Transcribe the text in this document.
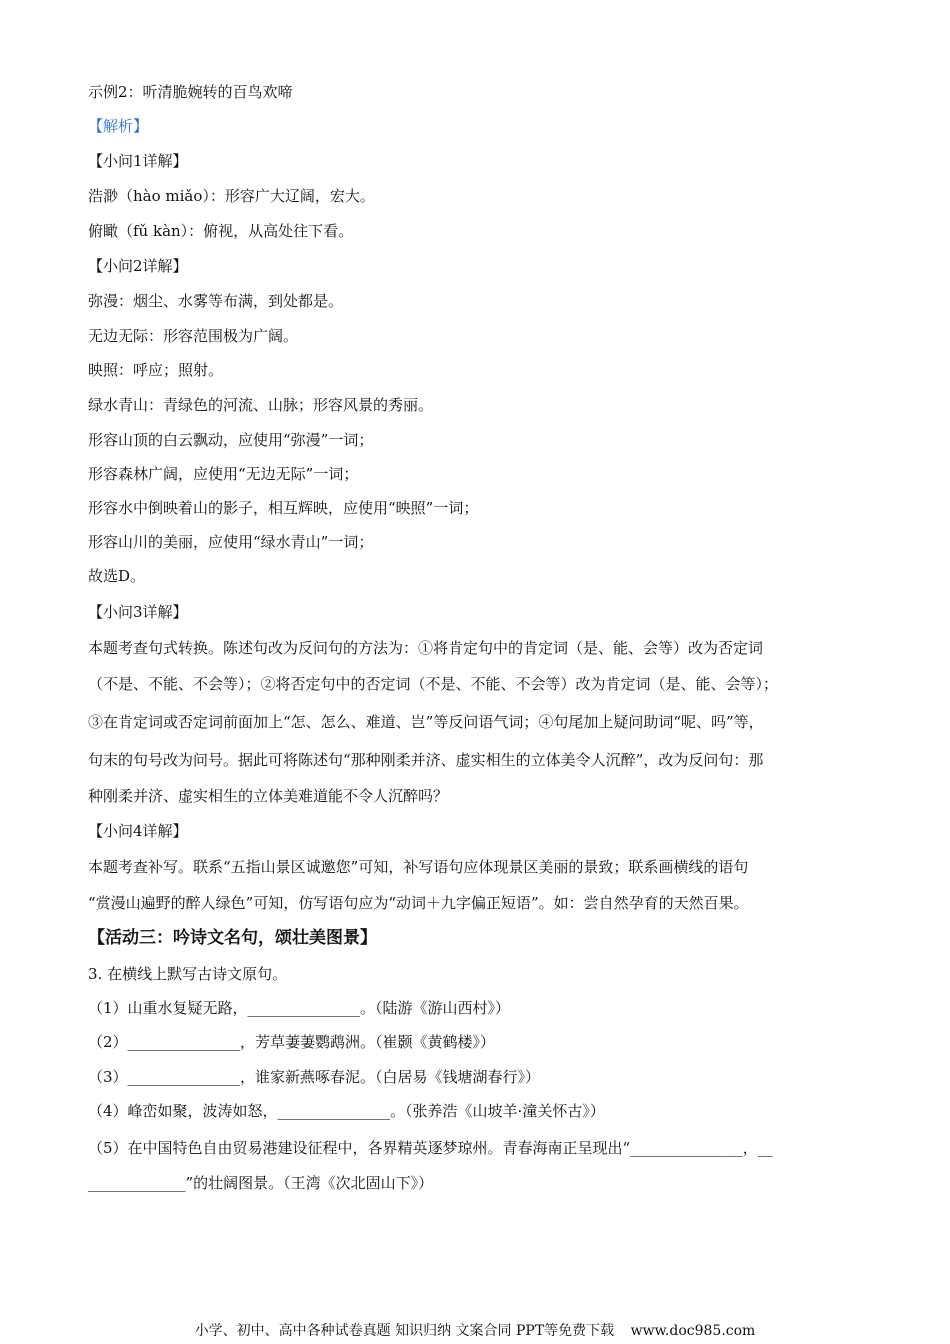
示例2：听清脆婉转的百鸟欢啼
【解析】
【小问1详解】
浩渺（hào miǎo）：形容广大辽阔，宏大。
俯瞰（fǔ kàn）：俯视，从高处往下看。
【小问2详解】
弥漫：烟尘、水雾等布满，到处都是。
无边无际：形容范围极为广阔。
映照：呼应；照射。
绿水青山：青绿色的河流、山脉；形容风景的秀丽。
形容山顶的白云飘动，应使用“弥漫”一词；
形容森林广阔，应使用“无边无际”一词；
形容水中倒映着山的影子，相互辉映，应使用“映照”一词；
形容山川的美丽，应使用“绿水青山”一词；
故选D。
【小问3详解】
本题考查句式转换。陈述句改为反问句的方法为：①将肯定句中的肯定词（是、能、会等）改为否定词
（不是、不能、不会等）；②将否定句中的否定词（不是、不能、不会等）改为肯定词（是、能、会等）；
③在肯定词或否定词前面加上“怎、怎么、难道、岂”等反问语气词；④句尾加上疑问助词“呢、吗”等，
句末的句号改为问号。据此可将陈述句“那种刚柔并济、虚实相生的立体美令人沉醉”，改为反问句：那
种刚柔并济、虚实相生的立体美难道能不令人沉醉吗？
【小问4详解】
本题考查补写。联系“五指山景区诚邀您”可知，补写语句应体现景区美丽的景致；联系画横线的语句
“赏漫山遍野的醉人绿色”可知，仿写语句应为“动词＋九字偏正短语”。如：尝自然孕育的天然百果。
【活动三：吟诗文名句，颂壮美图景】
3. 在横线上默写古诗文原句。
（1）山重水复疑无路，_______________。（陆游《游山西村》）
（2）_______________，芳草萋萋鹦鹉洲。（崔颢《黄鹤楼》）
（3）_______________，谁家新燕啄春泥。（白居易《钱塘湖春行》）
（4）峰峦如聚，波涛如怒，_______________。（张养浩《山坡羊·潼关怀古》）
（5）在中国特色自由贸易港建设征程中，各界精英逐梦琼州。青春海南正呈现出“_______________，__
_____________”的壮阔图景。（王湾《次北固山下》）
小学、初中、高中各种试卷真题 知识归纳 文案合同 PPT等免费下载 www.doc985.com
